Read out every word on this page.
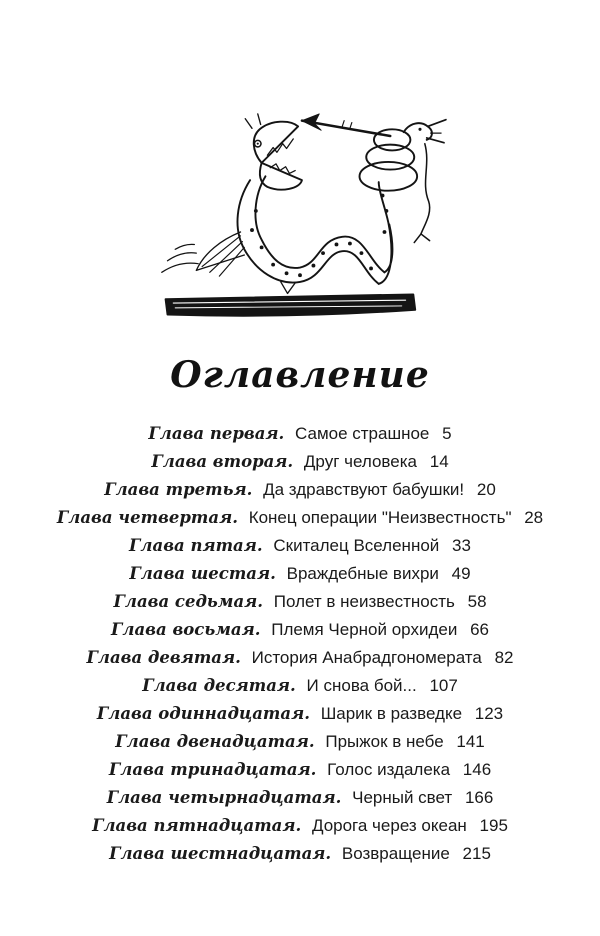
Оглавление
Глава первая. Самое страшное 5
Глава вторая. Друг человека 14
Глава третья. Да здравствуют бабушки! 20
Глава четвертая. Конец операции "Неизвестность" 28
Глава пятая. Скиталец Вселенной 33
Глава шестая. Враждебные вихри 49
Глава седьмая. Полет в неизвестность 58
Глава восьмая. Племя Черной орхидеи 66
Глава девятая. История Анабрадгономерата 82
Глава десятая. И снова бой... 107
Глава одиннадцатая. Шарик в разведке 123
Глава двенадцатая. Прыжок в небе 141
Глава тринадцатая. Голос издалека 146
Глава четырнадцатая. Черный свет 166
Глава пятнадцатая. Дорога через океан 195
Глава шестнадцатая. Возвращение 215
